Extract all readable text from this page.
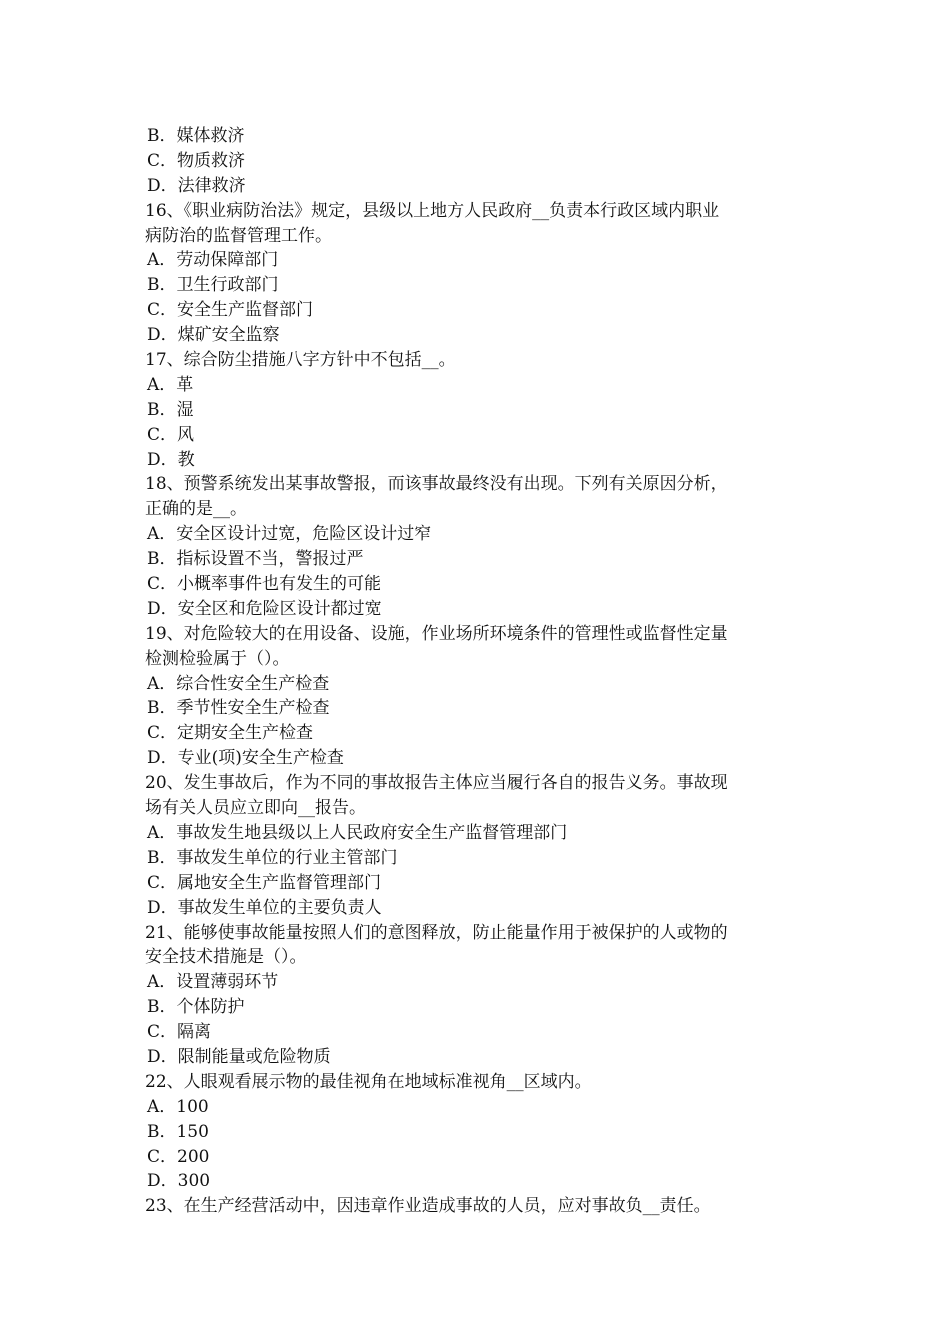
B．媒体救济
C．物质救济
D．法律救济
16、《职业病防治法》规定，县级以上地方人民政府__负责本行政区域内职业
病防治的监督管理工作。
A．劳动保障部门
B．卫生行政部门
C．安全生产监督部门
D．煤矿安全监察
17、综合防尘措施八字方针中不包括__。
A．革
B．湿
C．风
D．教
18、预警系统发出某事故警报，而该事故最终没有出现。下列有关原因分析，
正确的是__。
A．安全区设计过宽，危险区设计过窄
B．指标设置不当，警报过严
C．小概率事件也有发生的可能
D．安全区和危险区设计都过宽
19、对危险较大的在用设备、设施，作业场所环境条件的管理性或监督性定量
检测检验属于（）。
A．综合性安全生产检查
B．季节性安全生产检查
C．定期安全生产检查
D．专业(项)安全生产检查
20、发生事故后，作为不同的事故报告主体应当履行各自的报告义务。事故现
场有关人员应立即向__报告。
A．事故发生地县级以上人民政府安全生产监督管理部门
B．事故发生单位的行业主管部门
C．属地安全生产监督管理部门
D．事故发生单位的主要负责人
21、能够使事故能量按照人们的意图释放，防止能量作用于被保护的人或物的
安全技术措施是（）。
A．设置薄弱环节
B．个体防护
C．隔离
D．限制能量或危险物质
22、人眼观看展示物的最佳视角在地域标准视角__区域内。
A．100
B．150
C．200
D．300
23、在生产经营活动中，因违章作业造成事故的人员，应对事故负__责任。
